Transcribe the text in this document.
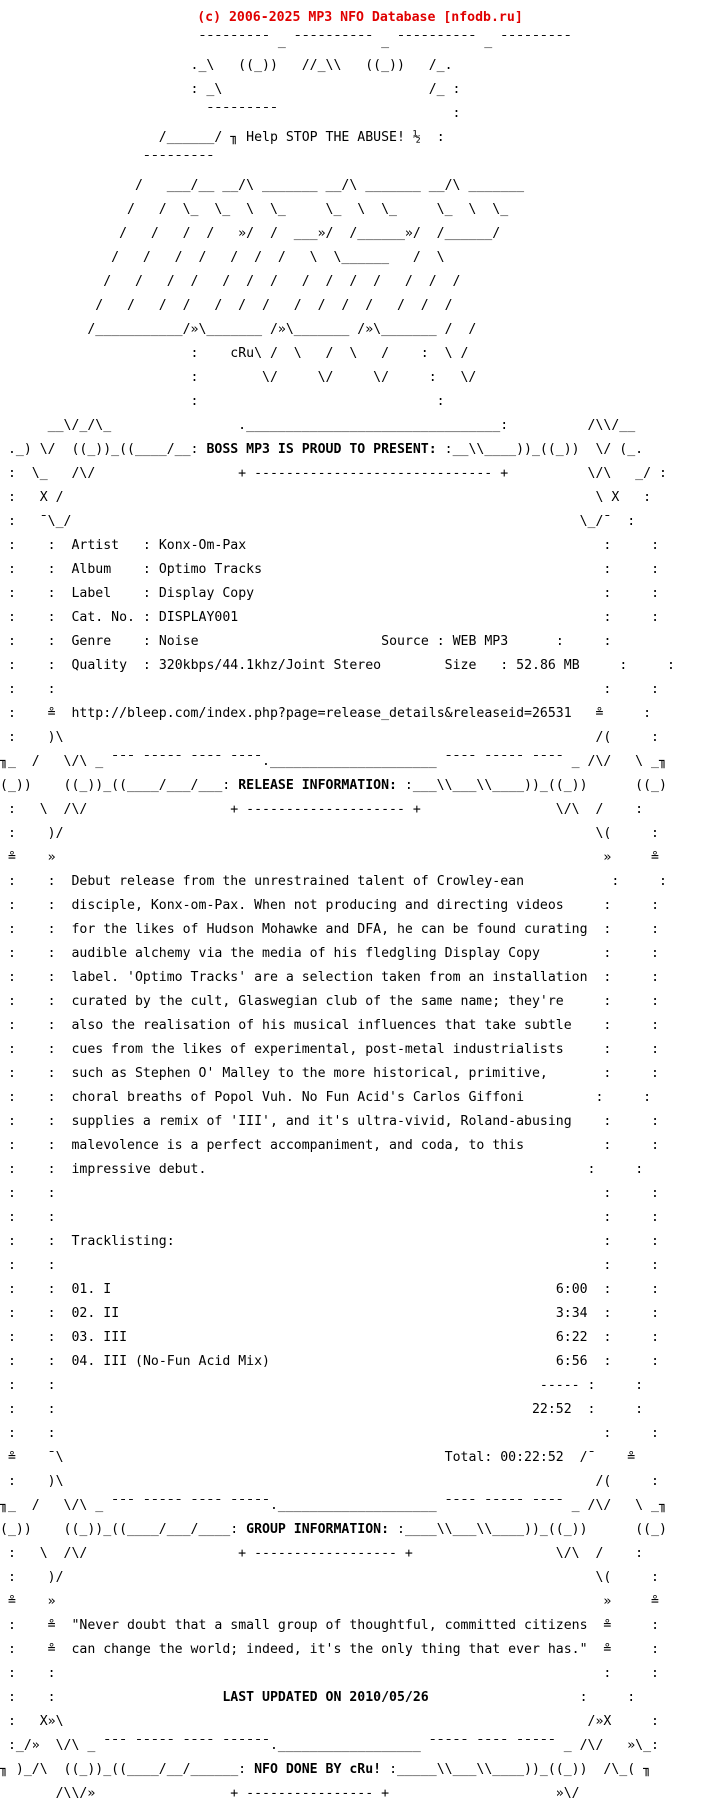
(c) 2006-2025 MP3 NFO Database [nfodb.ru]

¯¯¯¯¯¯¯¯¯ _ ¯¯¯¯¯¯¯¯¯¯ _ ¯¯¯¯¯¯¯¯¯¯ _ ¯¯¯¯¯¯¯¯¯

._\   ((_))   //_\\   ((_))   /_.

: _\                          /_ :

¯¯¯¯¯¯¯¯¯                      :

/______/ ╖ Help STOP THE ABUSE! ½  :

¯¯¯¯¯¯¯¯¯

/   ___/__ __/\ _______ __/\ _______ __/\ _______

/   /  \_  \_  \  \_     \_  \  \_     \_  \  \_

/   /   /  /   »/  /  ___»/  /______»/  /______/

/   /   /  /   /  /  /   \  \______   /  \

/   /   /  /   /  /  /   /  /  /  /   /  /  /

/   /   /  /   /  /  /   /  /  /  /   /  /  /

/___________/»\_______ /»\_______ /»\_______ /  /

:    cRu\ /  \   /  \   /    :  \ /

:        \/     \/     \/     :   \/

:                              :

__\/_/\_                .________________________________:          /\\/__

._) \/  ((_))_((____/__: BOSS MP3 IS PROUD TO PRESENT: :__\\____))_((_))  \/ (_.

:  \_   /\/                  + ------------------------------ +          \/\   _/ :

:   X /                                                                   \ X   :

:   ¯\_/                                                                \_/¯  :

:    :  Artist   : Konx-Om-Pax                                             :     :

:    :  Album    : Optimo Tracks                                           :     :

:    :  Label    : Display Copy                                            :     :

:    :  Cat. No. : DISPLAY001                                              :     :

:    :  Genre    : Noise	Source : WEB MP3      :     :

:    :  Quality  : 320kbps/44.1khz/Joint Stereo	Size   : 52.86 MB     :     :

:    :                                                                     :     :

:    ≗  http://bleep.com/index.php?page=release_details&releaseid=26531   ≗     :

:    )\                                                                   /(     :

╖_  /   \/\ _ ¯¯¯ ¯¯¯¯¯ ¯¯¯¯ ¯¯¯¯._____________________ ¯¯¯¯ ¯¯¯¯¯ ¯¯¯¯ _ /\/   \ _╖

(_))    ((_))_((____/___/___: RELEASE INFORMATION: :___\\___\\____))_((_))      ((_)

:   \  /\/                  + -------------------- +                 \/\  /    :

:    )/                                                                   \(     :

≗    »                                                                     »     ≗

:    :  Debut release from the unrestrained talent of Crowley-ean           :     :

:    :  disciple, Konx-om-Pax. When not producing and directing videos     :     :

:    :  for the likes of Hudson Mohawke and DFA, he can be found curating  :     :

:    :  audible alchemy via the media of his fledgling Display Copy        :     :

:    :  label. 'Optimo Tracks' are a selection taken from an installation  :     :

:    :  curated by the cult, Glaswegian club of the same name; they're     :     :

:    :  also the realisation of his musical influences that take subtle    :     :

:    :  cues from the likes of experimental, post-metal industrialists     :     :

:    :  such as Stephen O' Malley to the more historical, primitive,       :     :

:    :  choral breaths of Popol Vuh. No Fun Acid's Carlos Giffoni         :     :

:    :  supplies a remix of 'III', and it's ultra-vivid, Roland-abusing    :     :

:    :  malevolence is a perfect accompaniment, and coda, to this          :     :

:    :  impressive debut.                                                :     :

:    :                                                                     :     :

:    :                                                                     :     :

:    :  Tracklisting:                                                      :     :

:    :                                                                     :     :

:    :  01. I	6:00  :     :

:    :  02. II	3:34  :     :

:    :  03. III	6:22  :     :

:    :  04. III (No-Fun Acid Mix)	6:56  :     :

:    :                                                             ----- :     :

:    :                                                            22:52  :     :

:    :                                                                     :     :

≗    ¯\                                                Total: 00:22:52  /¯    ≗

:    )\                                                                   /(     :

╖_  /   \/\ _ ¯¯¯ ¯¯¯¯¯ ¯¯¯¯ ¯¯¯¯¯.____________________ ¯¯¯¯ ¯¯¯¯¯ ¯¯¯¯ _ /\/   \ _╖

(_))    ((_))_((____/___/____: GROUP INFORMATION: :____\\___\\____))_((_))      ((_)

:   \  /\/                   + ------------------ +                  \/\  /    :

:    )/                                                                   \(     :

≗    »                                                                     »     ≗

:    ≗  "Never doubt that a small group of thoughtful, committed citizens  ≗     :

:    ≗  can change the world; indeed, it's the only thing that ever has."  ≗     :

:    :                                                                     :     :

:    :                     LAST UPDATED ON 2010/05/26                   :     :

:   X»\                                                                  /»X     :

:_/»  \/\ _ ¯¯¯ ¯¯¯¯¯ ¯¯¯¯ ¯¯¯¯¯¯.__________________ ¯¯¯¯¯ ¯¯¯¯ ¯¯¯¯¯ _ /\/   »\_:

╖ )_/\  ((_))_((____/__/______: NFO DONE BY cRu! :_____\\___\\____))_((_))  /\_( ╖

/\\/»                 + ---------------- +                     »\/
